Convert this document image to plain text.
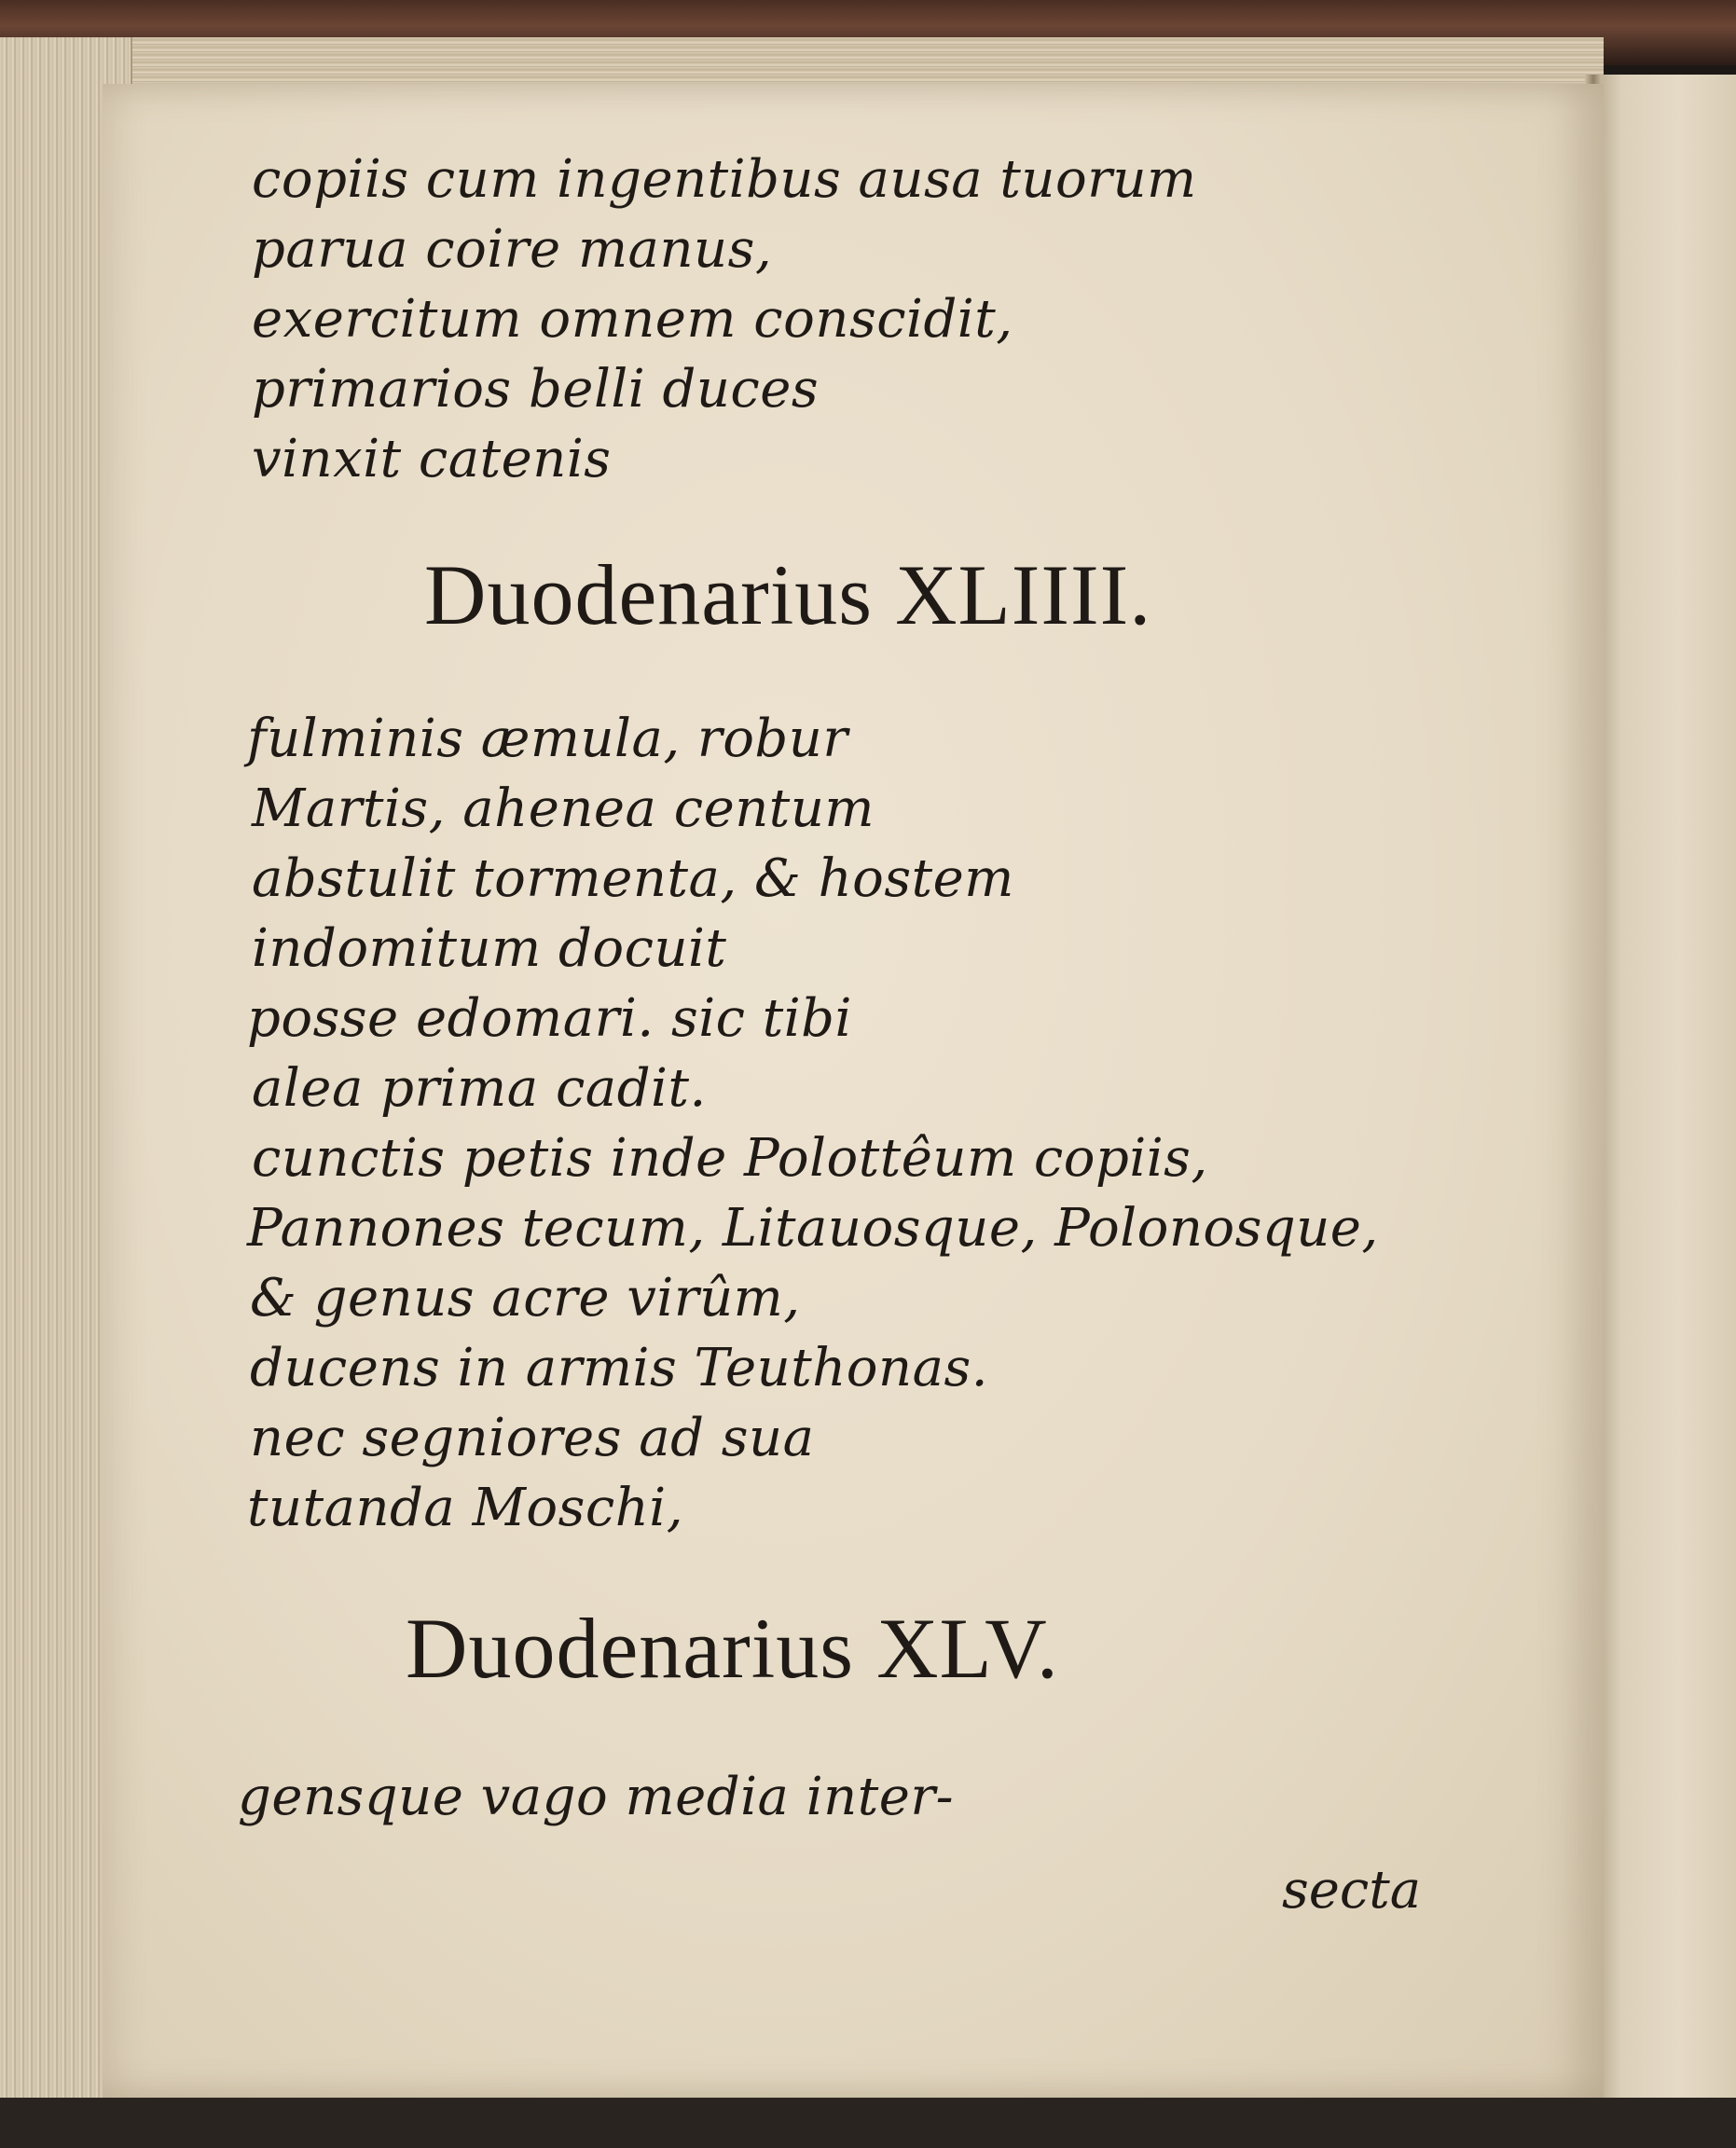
copiis cum ingentibus ausa tuorum
parua coire manus,
exercitum omnem conscidit,
primarios belli duces
vinxit catenis
Duodenarius XLIIII.
fulminis æmula, robur
Martis, ahenea centum
abstulit tormenta, & hostem
indomitum docuit
posse edomari. sic tibi
alea prima cadit.
cunctis petis inde Polottêum copiis,
Pannones tecum, Litauosque, Polonosque,
& genus acre virûm,
ducens in armis Teuthonas.
nec segniores ad sua
tutanda Moschi,
Duodenarius XLV.
gensque vago media inter-
secta
